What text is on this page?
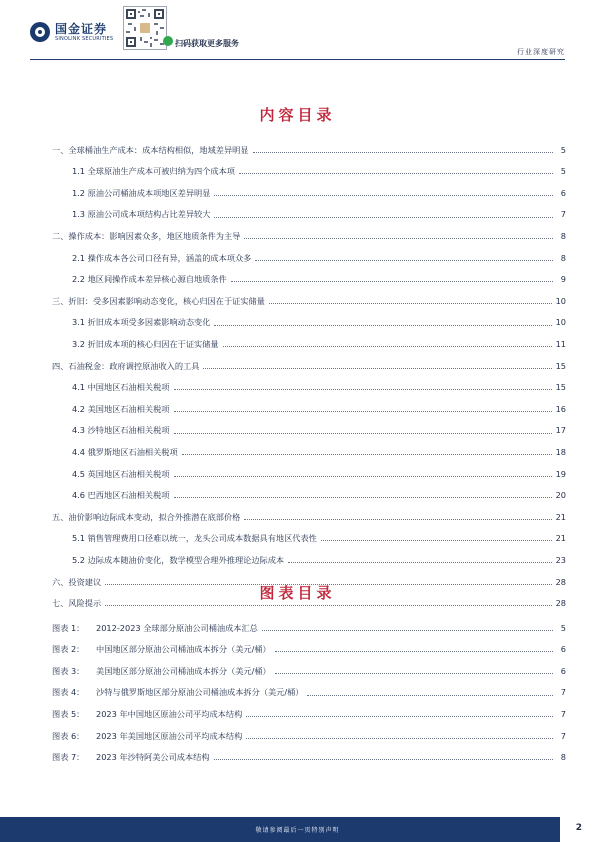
国金证券
SINOLINK SECURITIES
扫码获取更多服务
行业深度研究
内容目录
一、全球桶油生产成本：成本结构相似，地域差异明显	5
1.1 全球原油生产成本可被归纳为四个成本项	5
1.2 原油公司桶油成本项地区差异明显	6
1.3 原油公司成本项结构占比差异较大	7
二、操作成本：影响因素众多，地区地质条件为主导	8
2.1 操作成本各公司口径有异，涵盖的成本项众多	8
2.2 地区间操作成本差异核心源自地质条件	9
三、折旧：受多因素影响动态变化，核心归因在于证实储量	10
3.1 折旧成本项受多因素影响动态变化	10
3.2 折旧成本项的核心归因在于证实储量	11
四、石油税金：政府调控原油收入的工具	15
4.1 中国地区石油相关税项	15
4.2 美国地区石油相关税项	16
4.3 沙特地区石油相关税项	17
4.4 俄罗斯地区石油相关税项	18
4.5 英国地区石油相关税项	19
4.6 巴西地区石油相关税项	20
五、油价影响边际成本变动，拟合外推潜在底部价格	21
5.1 销售管理费用口径难以统一，龙头公司成本数据具有地区代表性	21
5.2 边际成本随油价变化，数学模型合理外推理论边际成本	23
六、投资建议	28
七、风险提示	28
图表目录
图表 1：	2012-2023 全球部分原油公司桶油成本汇总	5
图表 2：	中国地区部分原油公司桶油成本拆分（美元/桶）	6
图表 3：	美国地区部分原油公司桶油成本拆分（美元/桶）	6
图表 4：	沙特与俄罗斯地区部分原油公司桶油成本拆分（美元/桶）	7
图表 5：	2023 年中国地区原油公司平均成本结构	7
图表 6：	2023 年美国地区原油公司平均成本结构	7
图表 7：	2023 年沙特阿美公司成本结构	8
敬请参阅最后一页特别声明	2
